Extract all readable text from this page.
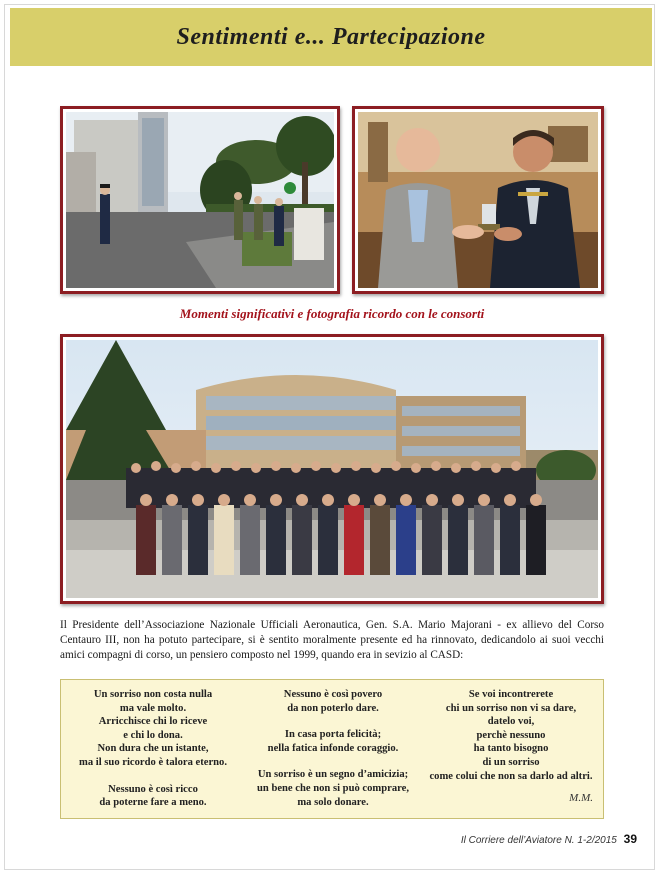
Sentimenti e... Partecipazione
Momenti significativi e fotografia ricordo con le consorti
Il Presidente dell’Associazione Nazionale Ufficiali Aeronautica, Gen. S.A. Mario Majorani - ex allievo del Corso Centauro III, non ha potuto partecipare, si è sentito moralmente presente ed ha rinnovato, dedicandolo ai suoi vecchi amici compagni di corso, un pensiero composto nel 1999, quando era in sevizio al CASD:
Un sorriso non costa nulla
ma vale molto.
Arricchisce chi lo riceve
e chi lo dona.
Non dura che un istante,
ma il suo ricordo è talora eterno.
Nessuno è così ricco
da poterne fare a meno.
Nessuno è così povero
da non poterlo dare.
In casa porta felicità;
nella fatica infonde coraggio.
Un sorriso è un segno d’amicizia;
un bene che non si può comprare,
ma solo donare.
Se voi incontrerete
chi un sorriso non vi sa dare,
datelo voi,
perchè nessuno
ha tanto bisogno
di un sorriso
come colui che non sa darlo ad altri.
M.M.
Il Corriere dell’Aviatore N. 1-2/2015 39
